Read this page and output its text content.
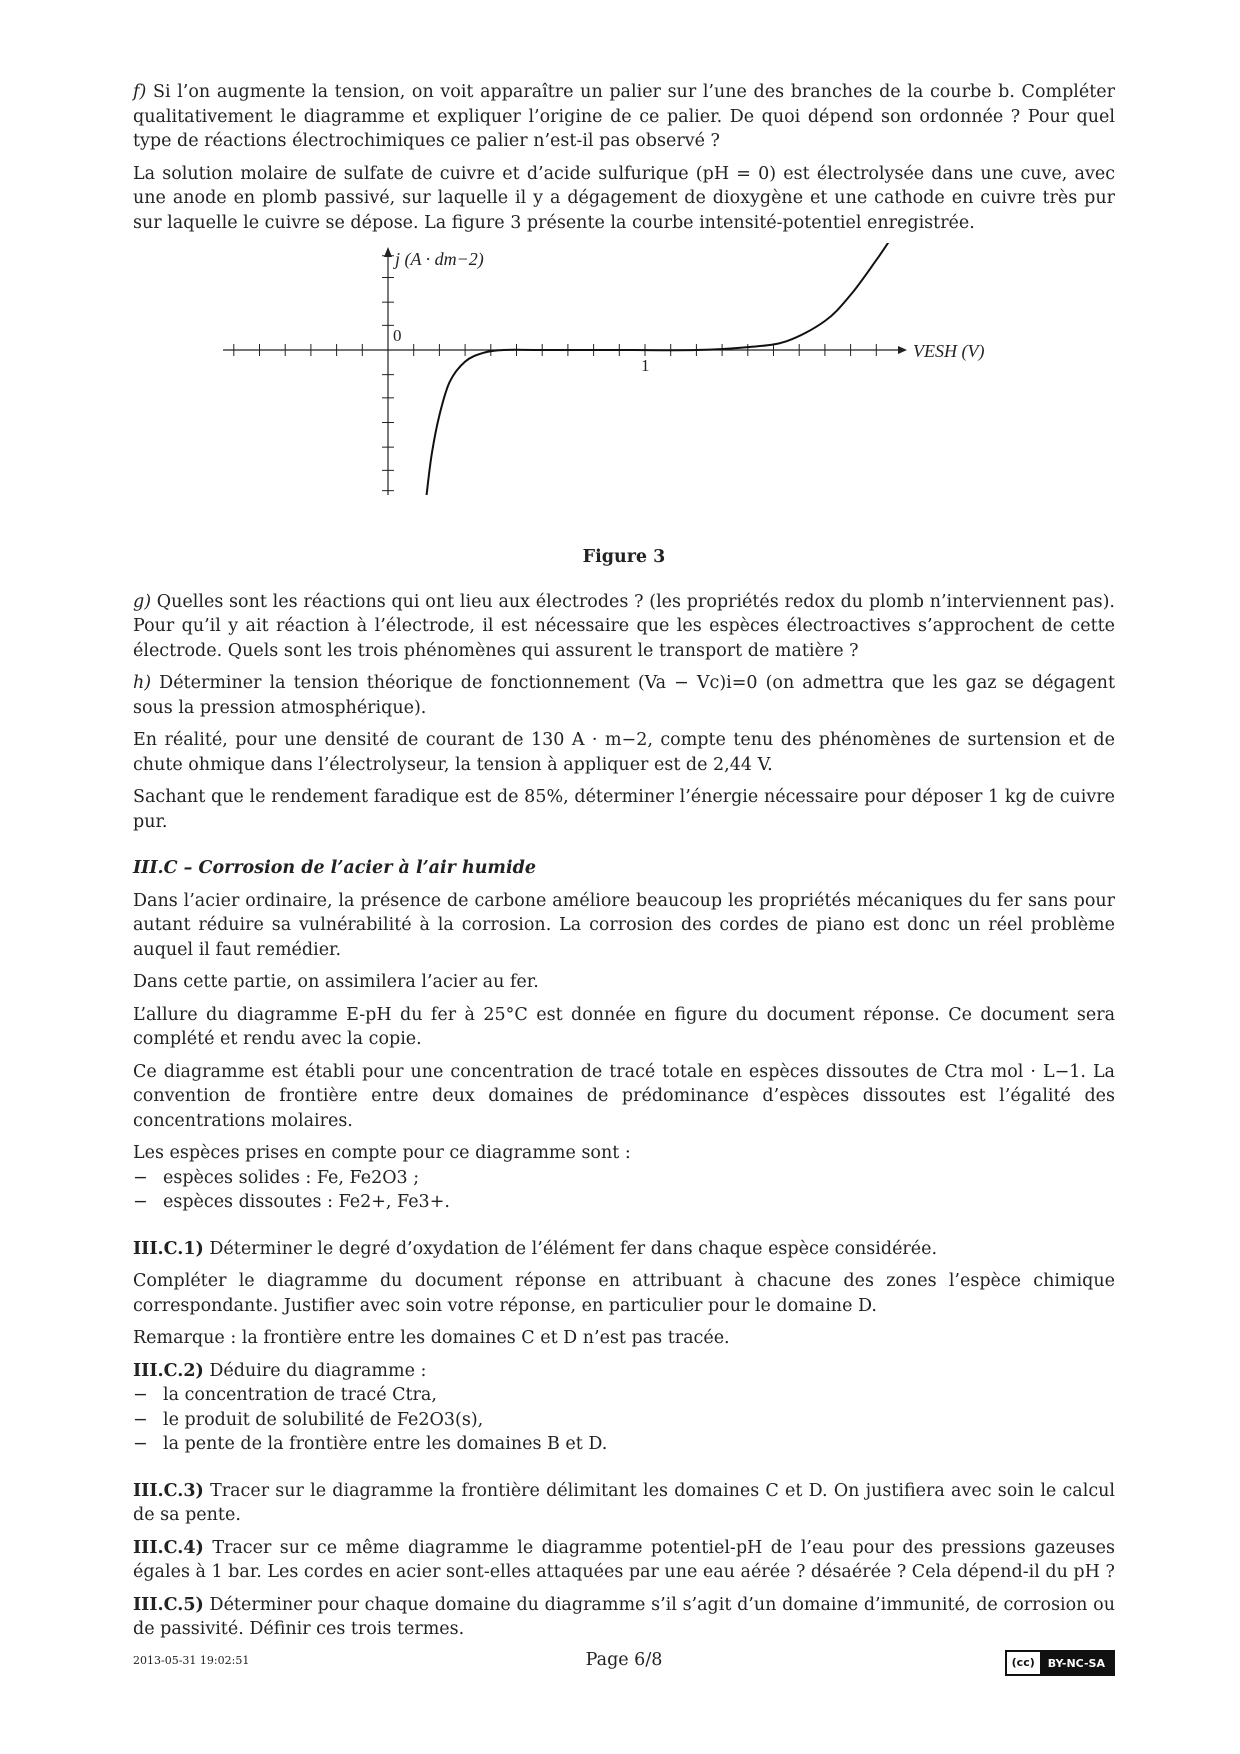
f) Si l’on augmente la tension, on voit apparaître un palier sur l’une des branches de la courbe b. Compléter qualitativement le diagramme et expliquer l’origine de ce palier. De quoi dépend son ordonnée ? Pour quel type de réactions électrochimiques ce palier n’est-il pas observé ?

La solution molaire de sulfate de cuivre et d’acide sulfurique (pH = 0) est électrolysée dans une cuve, avec une anode en plomb passivé, sur laquelle il y a dégagement de dioxygène et une cathode en cuivre très pur sur laquelle le cuivre se dépose. La figure 3 présente la courbe intensité-potentiel enregistrée.

j (A · dm−2)
0
1
VESH (V)
Figure 3

g) Quelles sont les réactions qui ont lieu aux électrodes ? (les propriétés redox du plomb n’interviennent pas). Pour qu’il y ait réaction à l’électrode, il est nécessaire que les espèces électroactives s’approchent de cette électrode. Quels sont les trois phénomènes qui assurent le transport de matière ?

h) Déterminer la tension théorique de fonctionnement (Va − Vc)i=0 (on admettra que les gaz se dégagent sous la pression atmosphérique).

En réalité, pour une densité de courant de 130 A · m−2, compte tenu des phénomènes de surtension et de chute ohmique dans l’électrolyseur, la tension à appliquer est de 2,44 V.

Sachant que le rendement faradique est de 85%, déterminer l’énergie nécessaire pour déposer 1 kg de cuivre pur.

III.C – Corrosion de l’acier à l’air humide

Dans l’acier ordinaire, la présence de carbone améliore beaucoup les propriétés mécaniques du fer sans pour autant réduire sa vulnérabilité à la corrosion. La corrosion des cordes de piano est donc un réel problème auquel il faut remédier.

Dans cette partie, on assimilera l’acier au fer.

L’allure du diagramme E-pH du fer à 25°C est donnée en figure du document réponse. Ce document sera complété et rendu avec la copie.

Ce diagramme est établi pour une concentration de tracé totale en espèces dissoutes de Ctra mol · L−1. La convention de frontière entre deux domaines de prédominance d’espèces dissoutes est l’égalité des concentrations molaires.

Les espèces prises en compte pour ce diagramme sont :

− espèces solides : Fe, Fe2O3 ;
− espèces dissoutes : Fe2+, Fe3+.

III.C.1) Déterminer le degré d’oxydation de l’élément fer dans chaque espèce considérée.

Compléter le diagramme du document réponse en attribuant à chacune des zones l’espèce chimique correspondante. Justifier avec soin votre réponse, en particulier pour le domaine D.

Remarque : la frontière entre les domaines C et D n’est pas tracée.

III.C.2) Déduire du diagramme :

− la concentration de tracé Ctra,
− le produit de solubilité de Fe2O3(s),
− la pente de la frontière entre les domaines B et D.

III.C.3) Tracer sur le diagramme la frontière délimitant les domaines C et D. On justifiera avec soin le calcul de sa pente.

III.C.4) Tracer sur ce même diagramme le diagramme potentiel-pH de l’eau pour des pressions gazeuses égales à 1 bar. Les cordes en acier sont-elles attaquées par une eau aérée ? désaérée ? Cela dépend-il du pH ?

III.C.5) Déterminer pour chaque domaine du diagramme s’il s’agit d’un domaine d’immunité, de corrosion ou de passivité. Définir ces trois termes.

2013-05-31 19:02:51	Page 6/8	(cc)	BY-NC-SA
